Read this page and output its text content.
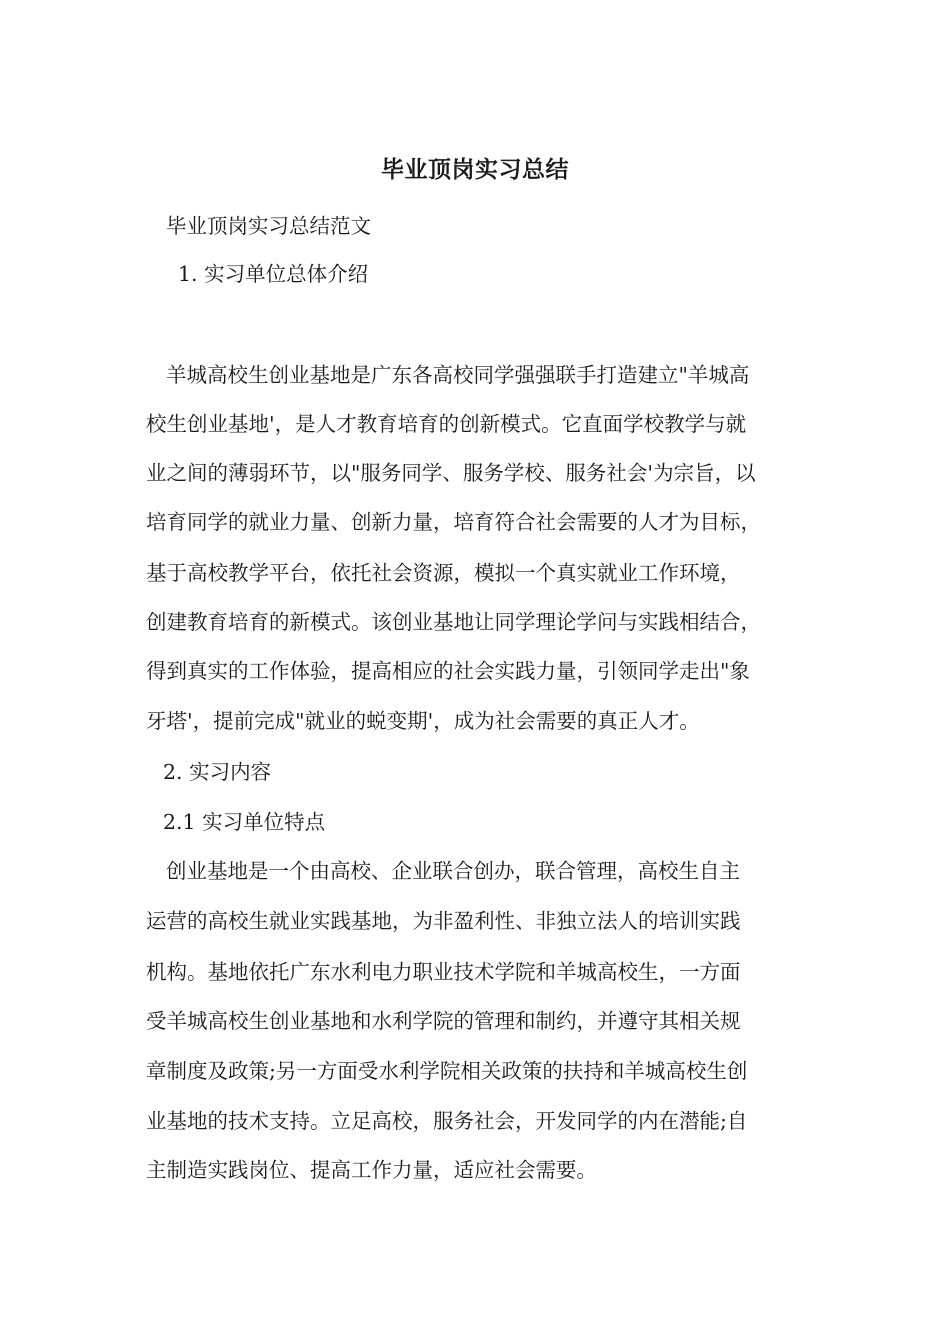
毕业顶岗实习总结
毕业顶岗实习总结范文
1. 实习单位总体介绍
羊城高校生创业基地是广东各高校同学强强联手打造建立"羊城高
校生创业基地'，是人才教育培育的创新模式。它直面学校教学与就
业之间的薄弱环节，以"服务同学、服务学校、服务社会'为宗旨，以
培育同学的就业力量、创新力量，培育符合社会需要的人才为目标，
基于高校教学平台，依托社会资源，模拟一个真实就业工作环境，
创建教育培育的新模式。该创业基地让同学理论学问与实践相结合，
得到真实的工作体验，提高相应的社会实践力量，引领同学走出"象
牙塔'，提前完成"就业的蜕变期'，成为社会需要的真正人才。
2. 实习内容
2.1 实习单位特点
创业基地是一个由高校、企业联合创办，联合管理，高校生自主
运营的高校生就业实践基地，为非盈利性、非独立法人的培训实践
机构。基地依托广东水利电力职业技术学院和羊城高校生，一方面
受羊城高校生创业基地和水利学院的管理和制约，并遵守其相关规
章制度及政策;另一方面受水利学院相关政策的扶持和羊城高校生创
业基地的技术支持。立足高校，服务社会，开发同学的内在潜能;自
主制造实践岗位、提高工作力量，适应社会需要。
